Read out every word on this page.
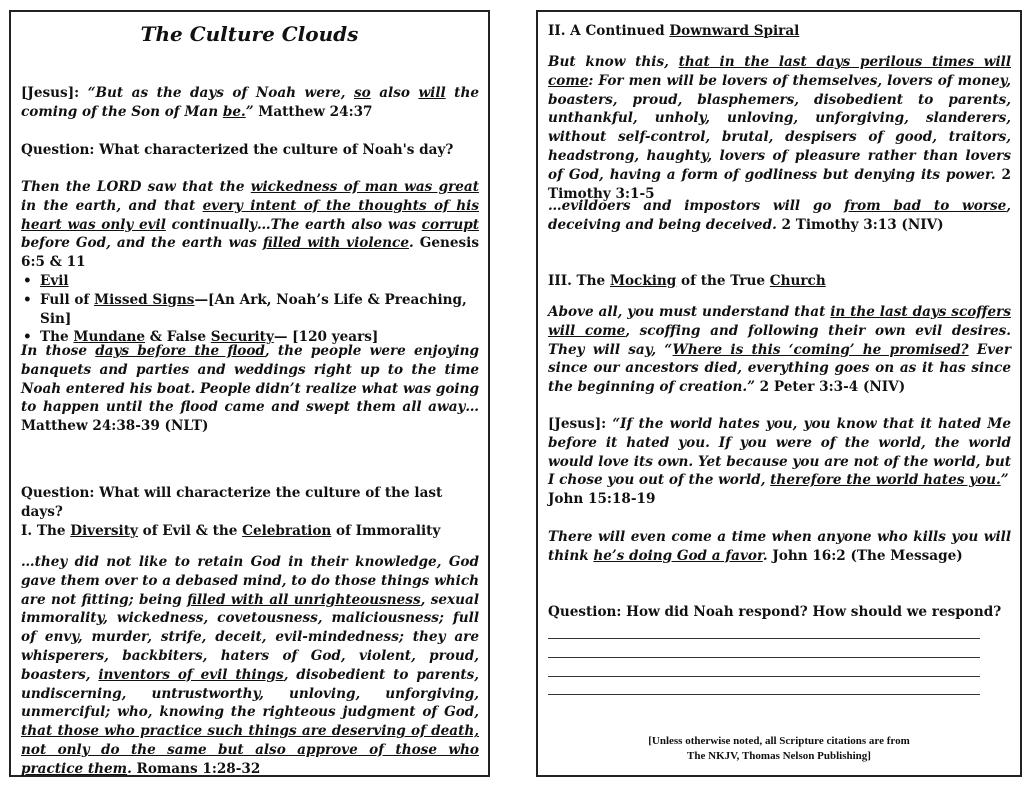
The Culture Clouds

[Jesus]: “But as the days of Noah were, so also will the coming of the Son of Man be.” Matthew 24:37

Question: What characterized the culture of Noah's day?

Then the LORD saw that the wickedness of man was great in the earth, and that every intent of the thoughts of his heart was only evil continually…The earth also was corrupt before God, and the earth was filled with violence. Genesis 6:5 & 11

• Evil
• Full of Missed Signs—[An Ark, Noah’s Life & Preaching, Sin]
• The Mundane & False Security— [120 years]

In those days before the flood, the people were enjoying banquets and parties and weddings right up to the time Noah entered his boat. People didn’t realize what was going to happen until the flood came and swept them all away… Matthew 24:38-39 (NLT)

Question: What will characterize the culture of the last days?

I. The Diversity of Evil & the Celebration of Immorality

…they did not like to retain God in their knowledge, God gave them over to a debased mind, to do those things which are not fitting; being filled with all unrighteousness, sexual immorality, wickedness, covetousness, maliciousness; full of envy, murder, strife, deceit, evil-mindedness; they are whisperers, backbiters, haters of God, violent, proud, boasters, inventors of evil things, disobedient to parents, undiscerning, untrustworthy, unloving, unforgiving, unmerciful; who, knowing the righteous judgment of God, that those who practice such things are deserving of death, not only do the same but also approve of those who practice them. Romans 1:28-32

II. A Continued Downward Spiral

But know this, that in the last days perilous times will come: For men will be lovers of themselves, lovers of money, boasters, proud, blasphemers, disobedient to parents, unthankful, unholy, unloving, unforgiving, slanderers, without self-control, brutal, despisers of good, traitors, headstrong, haughty, lovers of pleasure rather than lovers of God, having a form of godliness but denying its power. 2 Timothy 3:1-5

…evildoers and impostors will go from bad to worse, deceiving and being deceived. 2 Timothy 3:13 (NIV)

III. The Mocking of the True Church

Above all, you must understand that in the last days scoffers will come, scoffing and following their own evil desires. They will say, “Where is this ‘coming’ he promised? Ever since our ancestors died, everything goes on as it has since the beginning of creation.” 2 Peter 3:3-4 (NIV)

[Jesus]: “If the world hates you, you know that it hated Me before it hated you. If you were of the world, the world would love its own. Yet because you are not of the world, but I chose you out of the world, therefore the world hates you.”
John 15:18-19

There will even come a time when anyone who kills you will think he’s doing God a favor. John 16:2 (The Message)

Question: How did Noah respond? How should we respond?

[Unless otherwise noted, all Scripture citations are from
The NKJV, Thomas Nelson Publishing]
